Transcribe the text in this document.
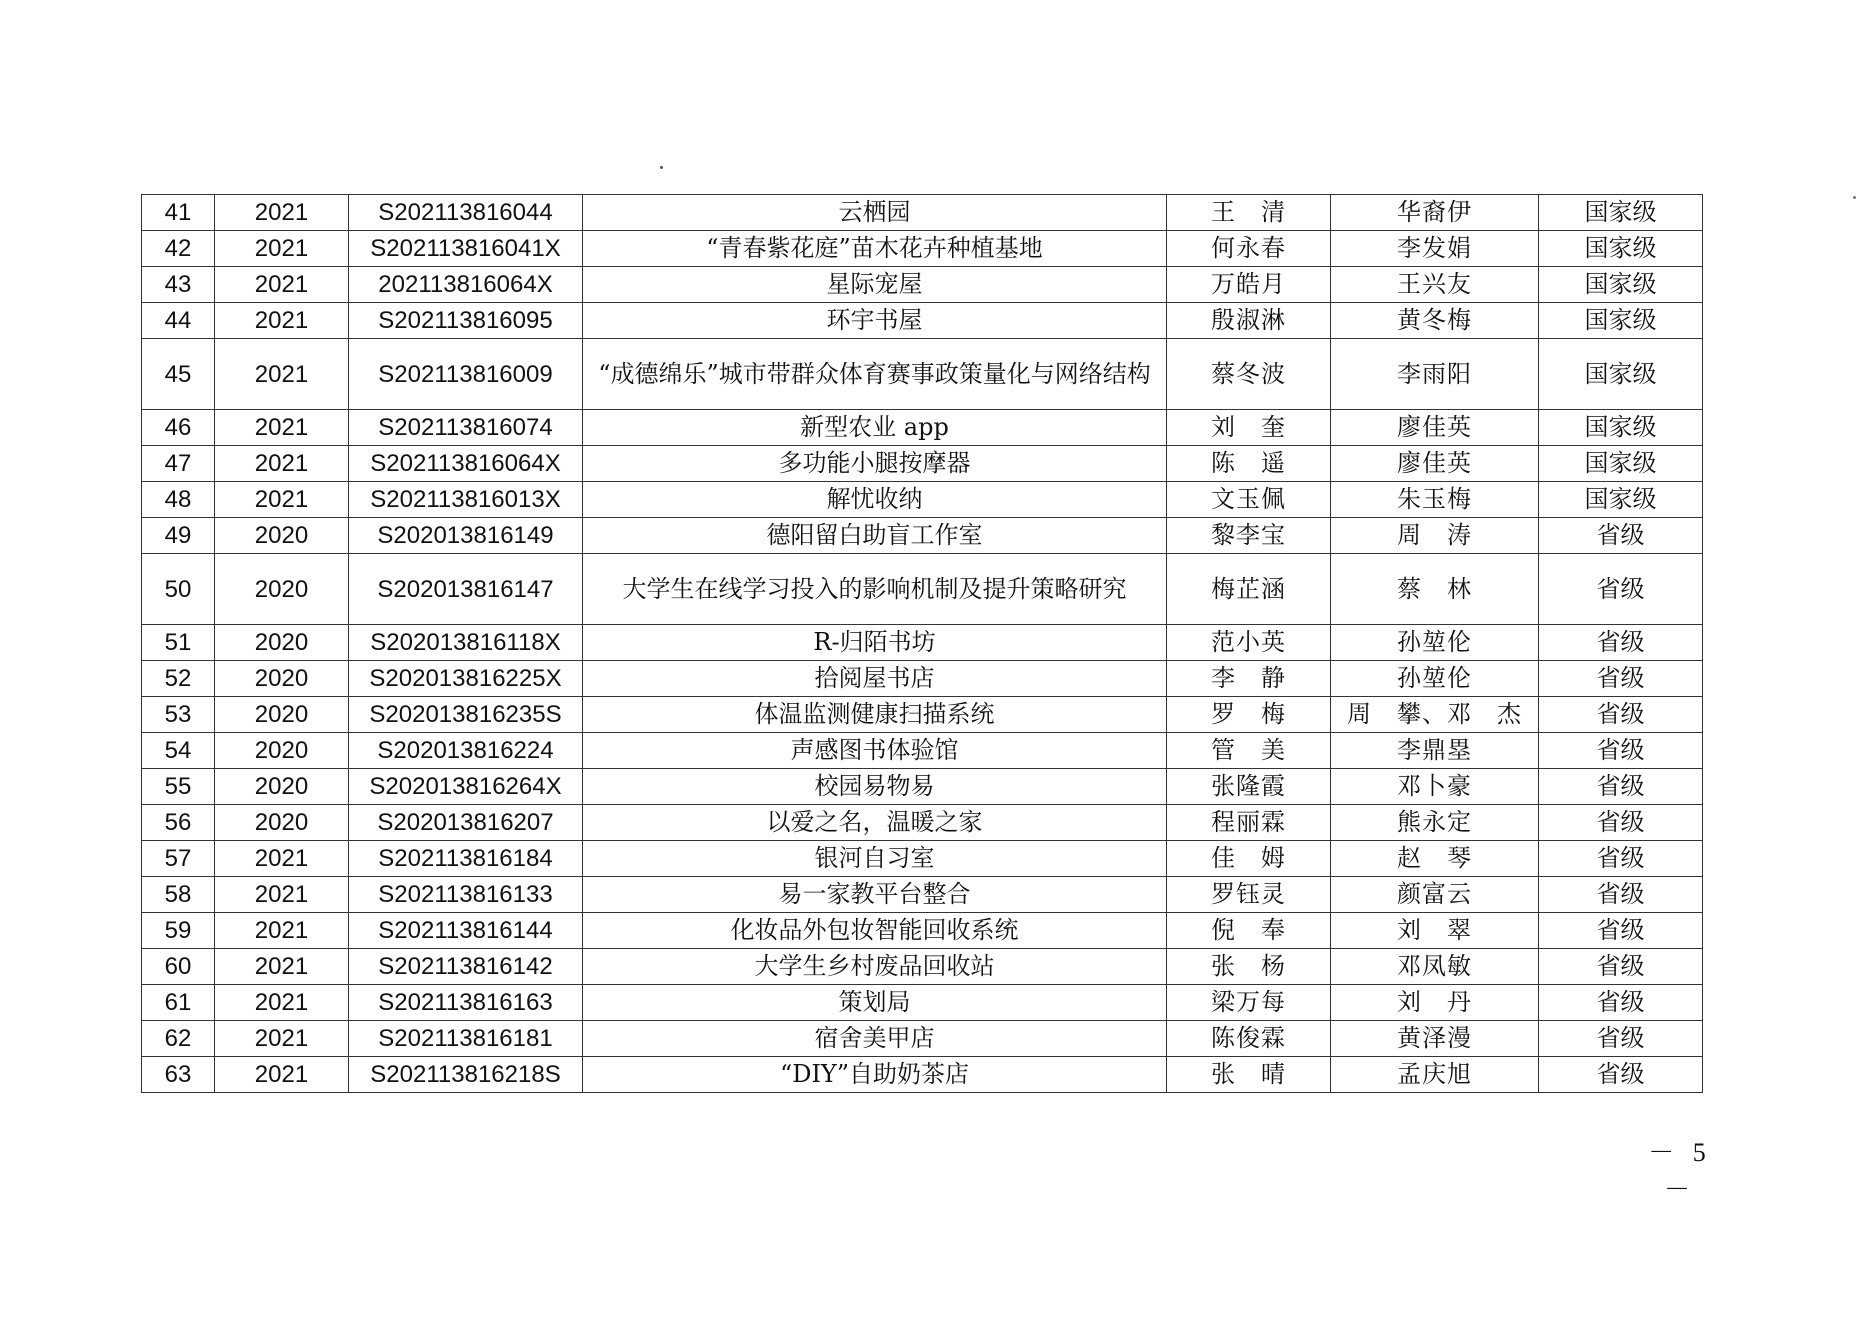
41	2021	S202113816044	云栖园	王　清	华裔伊	国家级
42	2021	S202113816041X	“青春紫花庭”苗木花卉种植基地	何永春	李发娟	国家级
43	2021	202113816064X	星际宠屋	万皓月	王兴友	国家级
44	2021	S202113816095	环宇书屋	殷淑淋	黄冬梅	国家级
45	2021	S202113816009	“成德绵乐”城市带群众体育赛事政策量化与网络结构	蔡冬波	李雨阳	国家级
46	2021	S202113816074	新型农业 app	刘　奎	廖佳英	国家级
47	2021	S202113816064X	多功能小腿按摩器	陈　遥	廖佳英	国家级
48	2021	S202113816013X	解忧收纳	文玉佩	朱玉梅	国家级
49	2020	S202013816149	德阳留白助盲工作室	黎李宝	周　涛	省级
50	2020	S202013816147	大学生在线学习投入的影响机制及提升策略研究	梅芷涵	蔡　林	省级
51	2020	S202013816118X	R-归陌书坊	范小英	孙堃伦	省级
52	2020	S202013816225X	拾阅屋书店	李　静	孙堃伦	省级
53	2020	S202013816235S	体温监测健康扫描系统	罗　梅	周　攀、邓　杰	省级
54	2020	S202013816224	声感图书体验馆	管　美	李鼎塁	省级
55	2020	S202013816264X	校园易物易	张隆霞	邓卜豪	省级
56	2020	S202013816207	以爱之名，温暖之家	程丽霖	熊永定	省级
57	2021	S202113816184	银河自习室	佳　姆	赵　琴	省级
58	2021	S202113816133	易一家教平台整合	罗钰灵	颜富云	省级
59	2021	S202113816144	化妆品外包妆智能回收系统	倪　奉	刘　翠	省级
60	2021	S202113816142	大学生乡村废品回收站	张　杨	邓凤敏	省级
61	2021	S202113816163	策划局	梁万每	刘　丹	省级
62	2021	S202113816181	宿舍美甲店	陈俊霖	黄泽漫	省级
63	2021	S202113816218S	“DIY”自助奶茶店	张　晴	孟庆旭	省级
－ 5 －
